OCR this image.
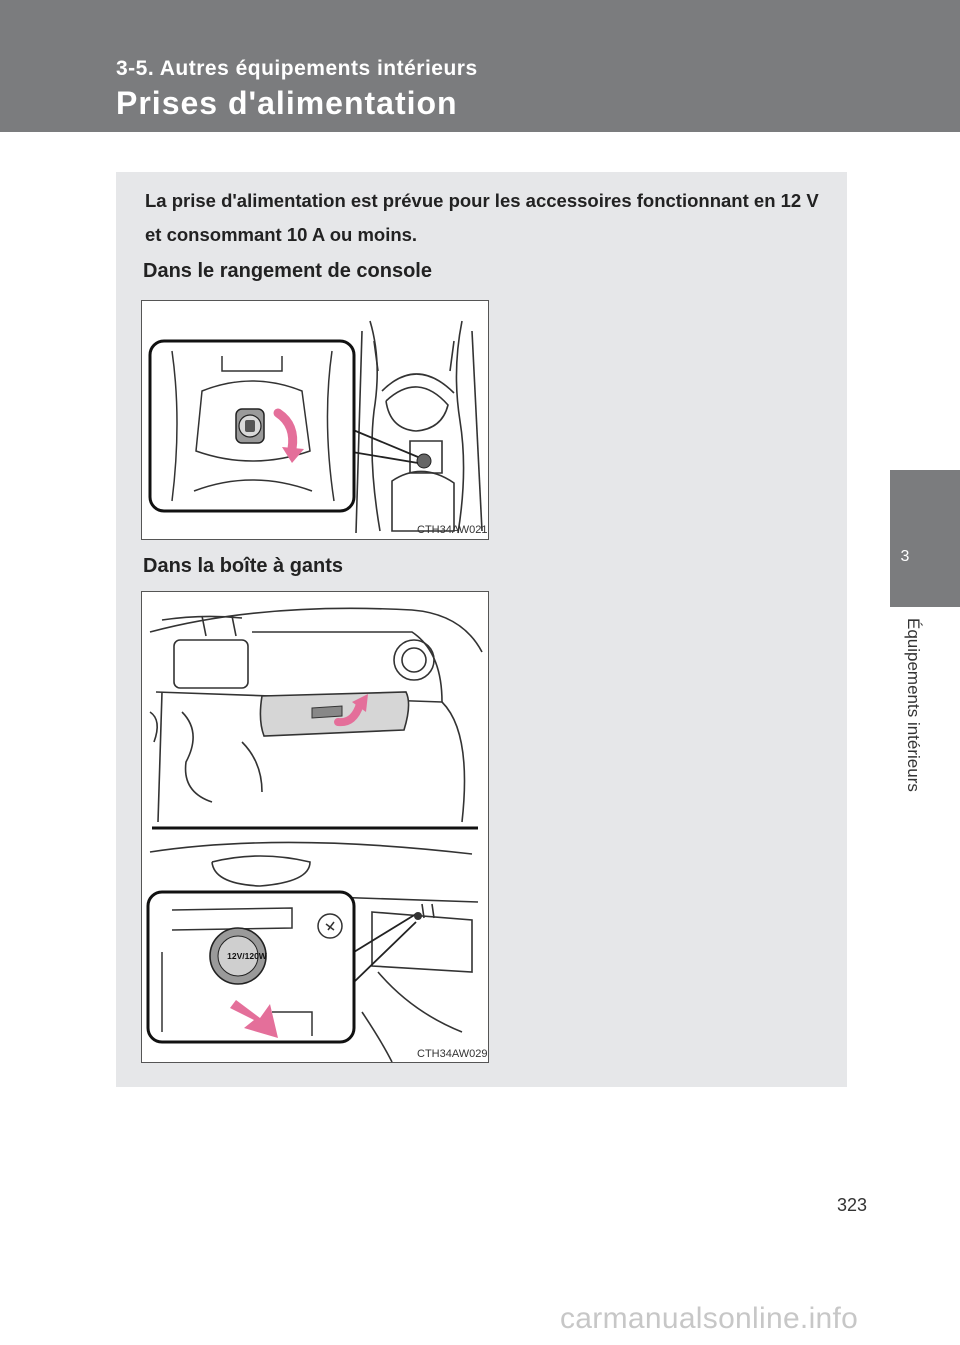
3-5. Autres équipements intérieurs
Prises d'alimentation
3
Équipements intérieurs
La prise d'alimentation est prévue pour les accessoires fonctionnant en 12 V et consommant 10 A ou moins.
Dans le rangement de console
CTH34AW021
Dans la boîte à gants
12V/120W
CTH34AW029
323
carmanualsonline.info
